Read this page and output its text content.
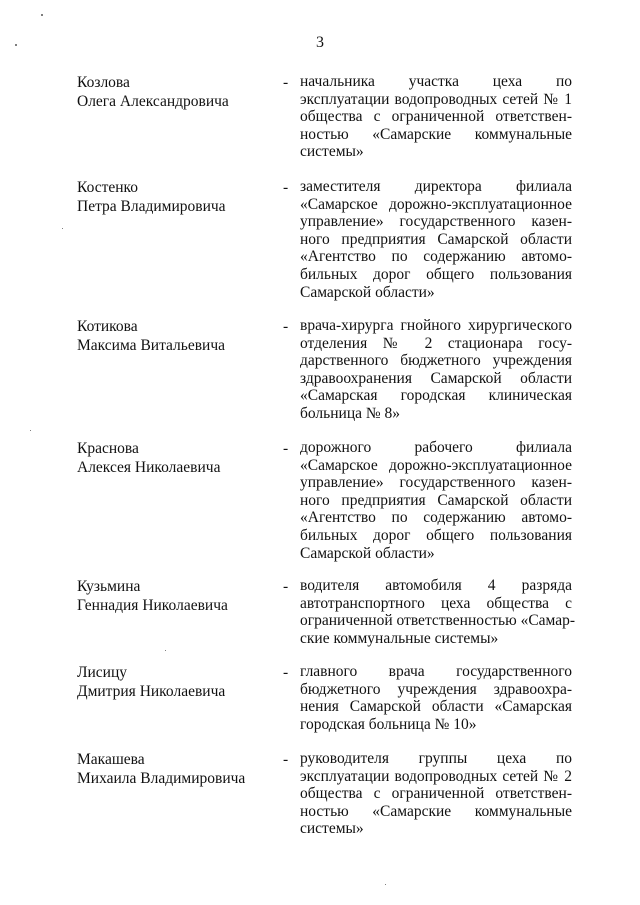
3
Козлова
Олега Александровича
- начальника участка цеха по
эксплуатации водопроводных сетей № 1
общества с ограниченной ответствен-
ностью «Самарские коммунальные
системы»
Костенко
Петра Владимировича
- заместителя директора филиала
«Самарское дорожно-эксплуатационное
управление» государственного казен-
ного предприятия Самарской области
«Агентство по содержанию автомо-
бильных дорог общего пользования
Самарской области»
Котикова
Максима Витальевича
- врача-хирурга гнойного хирургического
отделения № 2 стационара госу-
дарственного бюджетного учреждения
здравоохранения Самарской области
«Самарская городская клиническая
больница № 8»
Краснова
Алексея Николаевича
- дорожного рабочего филиала
«Самарское дорожно-эксплуатационное
управление» государственного казен-
ного предприятия Самарской области
«Агентство по содержанию автомо-
бильных дорог общего пользования
Самарской области»
Кузьмина
Геннадия Николаевича
- водителя автомобиля 4 разряда
автотранспортного цеха общества с
ограниченной ответственностью «Самар-
ские коммунальные системы»
Лисицу
Дмитрия Николаевича
- главного врача государственного
бюджетного учреждения здравоохра-
нения Самарской области «Самарская
городская больница № 10»
Макашева
Михаила Владимировича
- руководителя группы цеха по
эксплуатации водопроводных сетей № 2
общества с ограниченной ответствен-
ностью «Самарские коммунальные
системы»
